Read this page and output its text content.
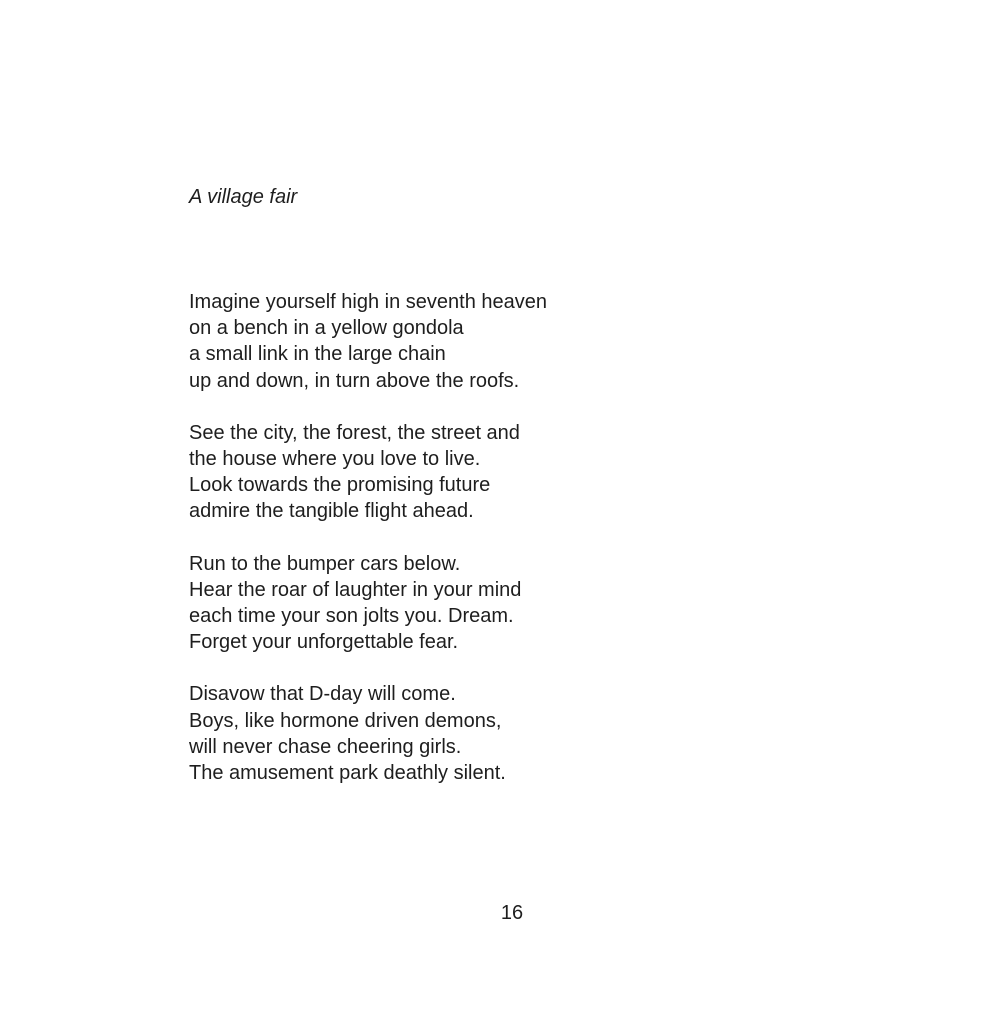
A village fair
Imagine yourself high in seventh heaven
on a bench in a yellow gondola
a small link in the large chain
up and down, in turn above the roofs.
See the city, the forest, the street and
the house where you love to live.
Look towards the promising future
admire the tangible flight ahead.
Run to the bumper cars below.
Hear the roar of laughter in your mind
each time your son jolts you. Dream.
Forget your unforgettable fear.
Disavow that D-day will come.
Boys, like hormone driven demons,
will never chase cheering girls.
The amusement park deathly silent.
16
